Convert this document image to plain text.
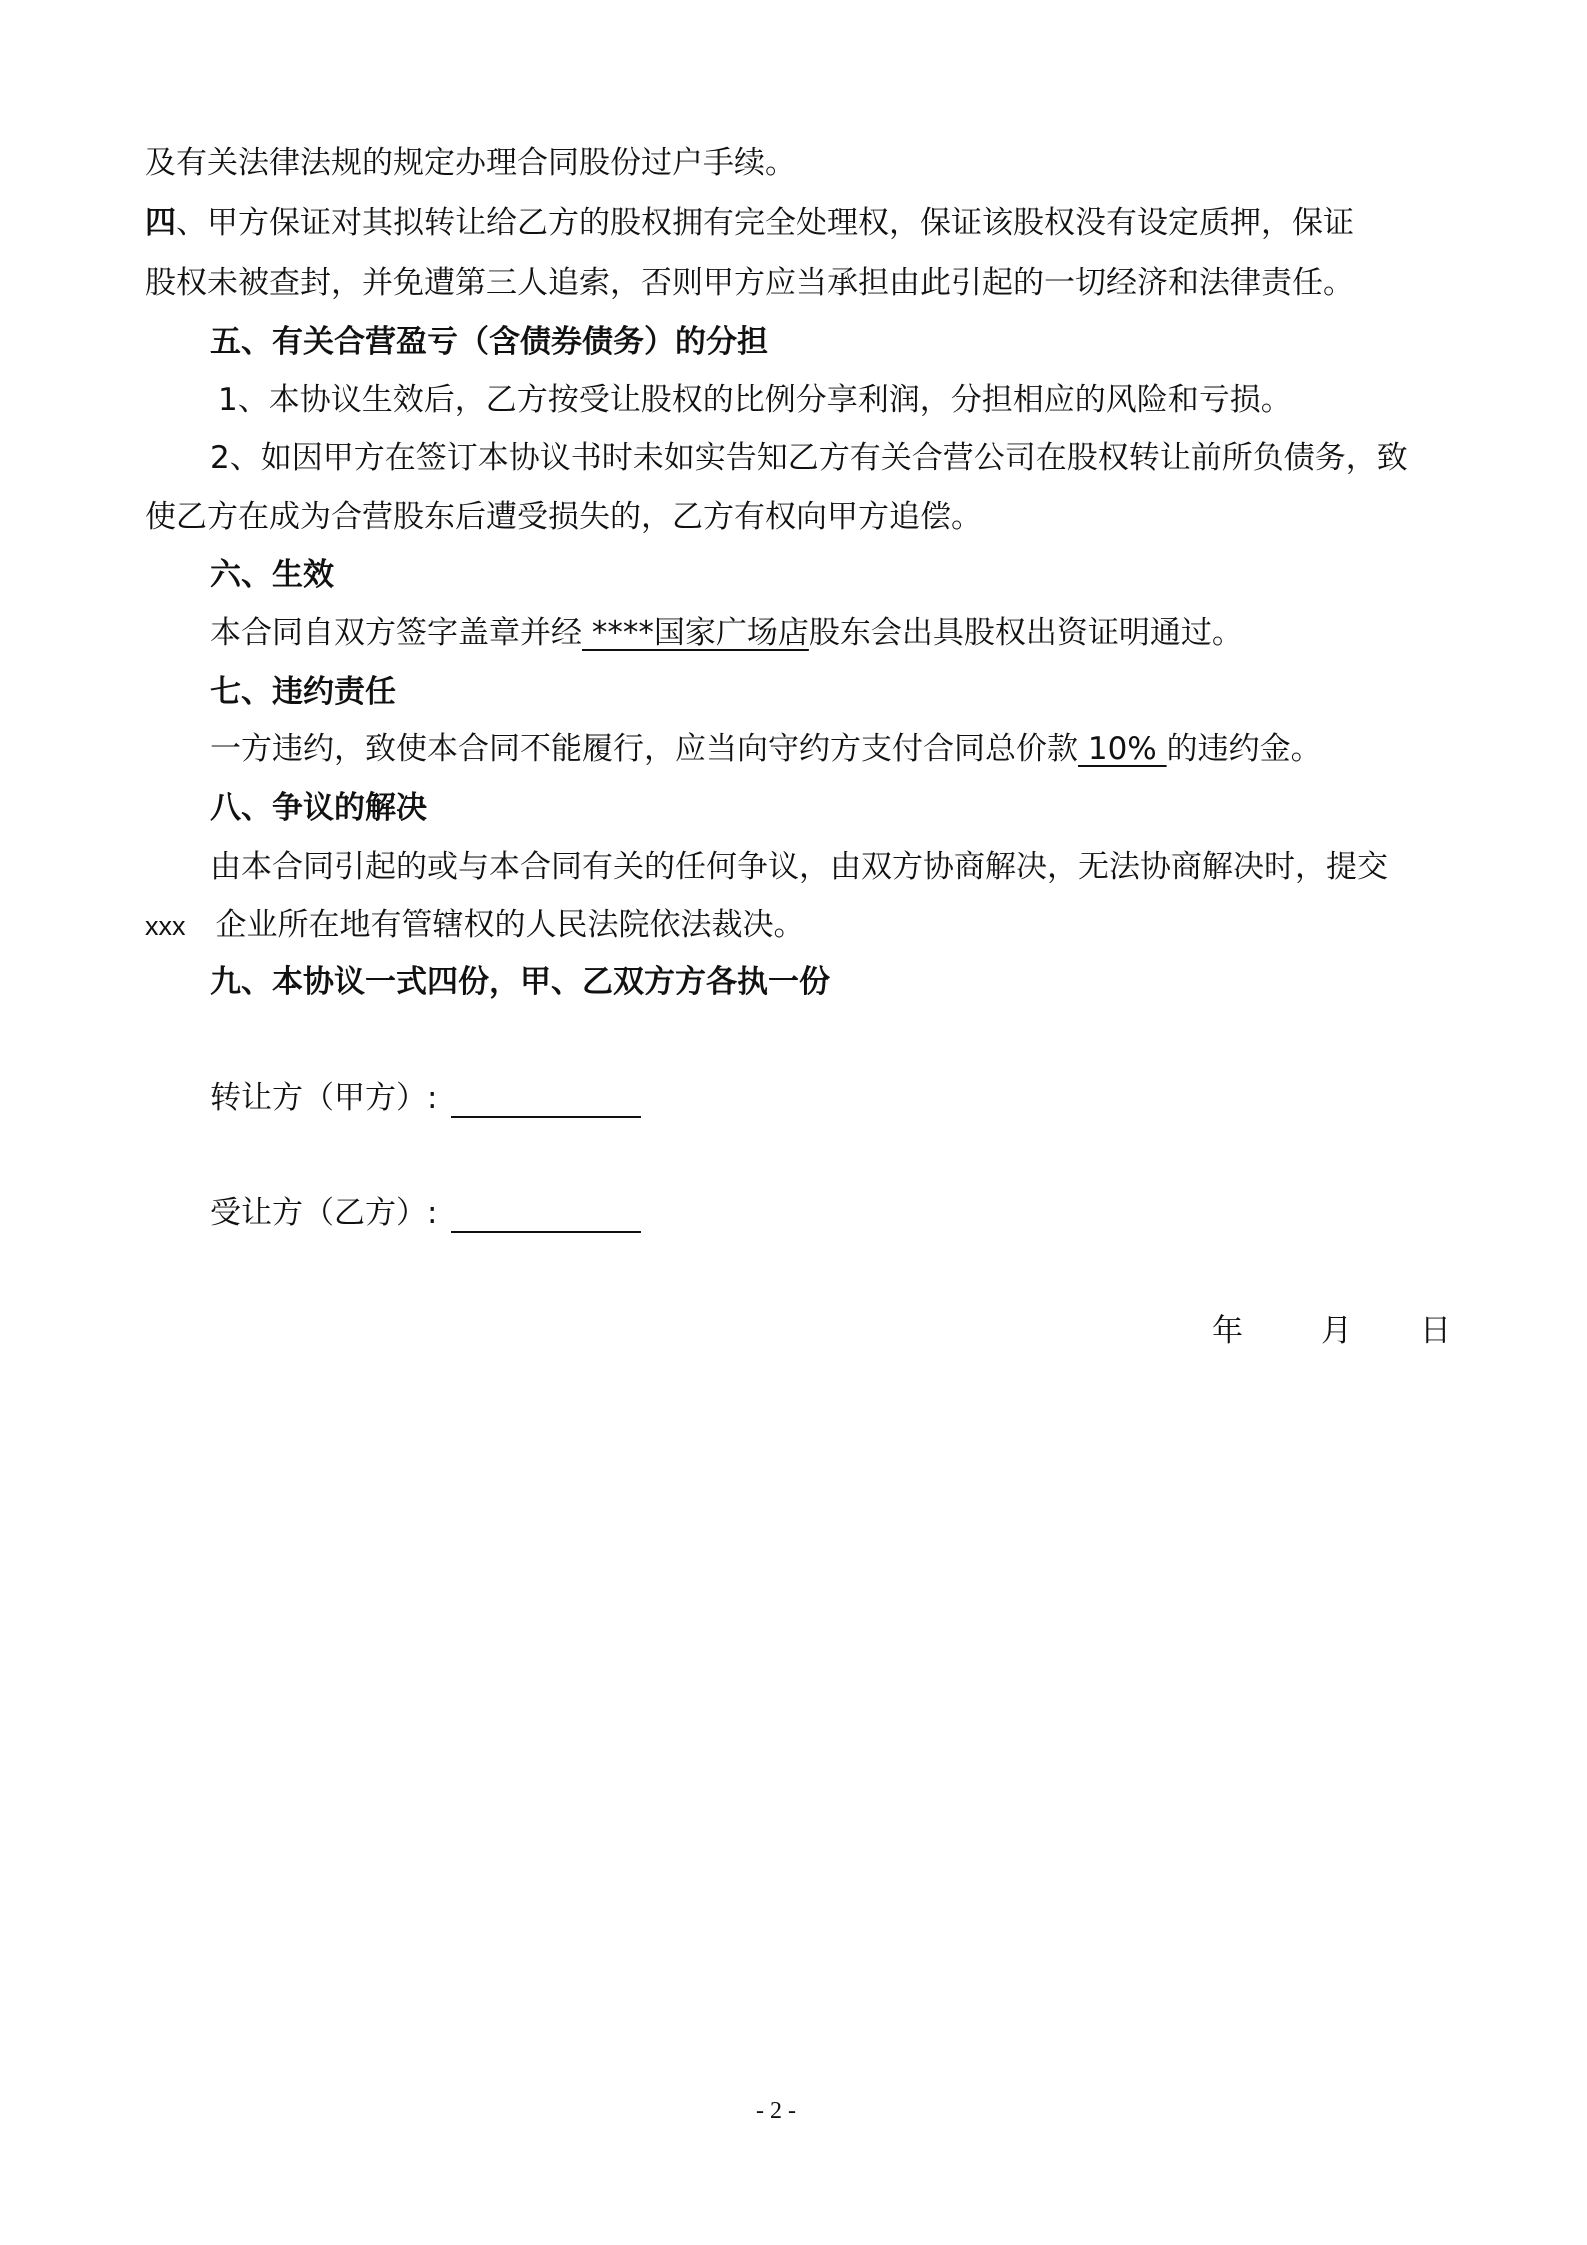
及有关法律法规的规定办理合同股份过户手续。
四、甲方保证对其拟转让给乙方的股权拥有完全处理权，保证该股权没有设定质押，保证
股权未被查封，并免遭第三人追索，否则甲方应当承担由此引起的一切经济和法律责任。
五、有关合营盈亏（含债券债务）的分担
1、本协议生效后，乙方按受让股权的比例分享利润，分担相应的风险和亏损。
2、如因甲方在签订本协议书时未如实告知乙方有关合营公司在股权转让前所负债务，致
使乙方在成为合营股东后遭受损失的，乙方有权向甲方追偿。
六、生效
本合同自双方签字盖章并经 ****国家广场店股东会出具股权出资证明通过。
七、违约责任
一方违约，致使本合同不能履行，应当向守约方支付合同总价款 10% 的违约金。
八、争议的解决
由本合同引起的或与本合同有关的任何争议，由双方协商解决，无法协商解决时，提交
xxx 企业所在地有管辖权的人民法院依法裁决。
九、本协议一式四份，甲、乙双方方各执一份
转让方（甲方）:
受让方（乙方）:
年	月 日
- 2 -
